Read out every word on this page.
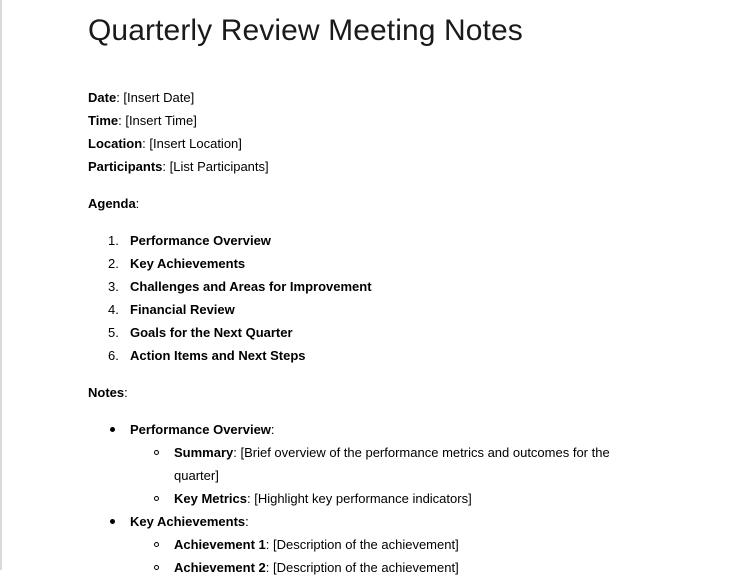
Quarterly Review Meeting Notes
Date: [Insert Date]
Time: [Insert Time]
Location: [Insert Location]
Participants: [List Participants]
Agenda:
1. Performance Overview
2. Key Achievements
3. Challenges and Areas for Improvement
4. Financial Review
5. Goals for the Next Quarter
6. Action Items and Next Steps
Notes:
Performance Overview:
Summary: [Brief overview of the performance metrics and outcomes for the quarter]
Key Metrics: [Highlight key performance indicators]
Key Achievements:
Achievement 1: [Description of the achievement]
Achievement 2: [Description of the achievement]
